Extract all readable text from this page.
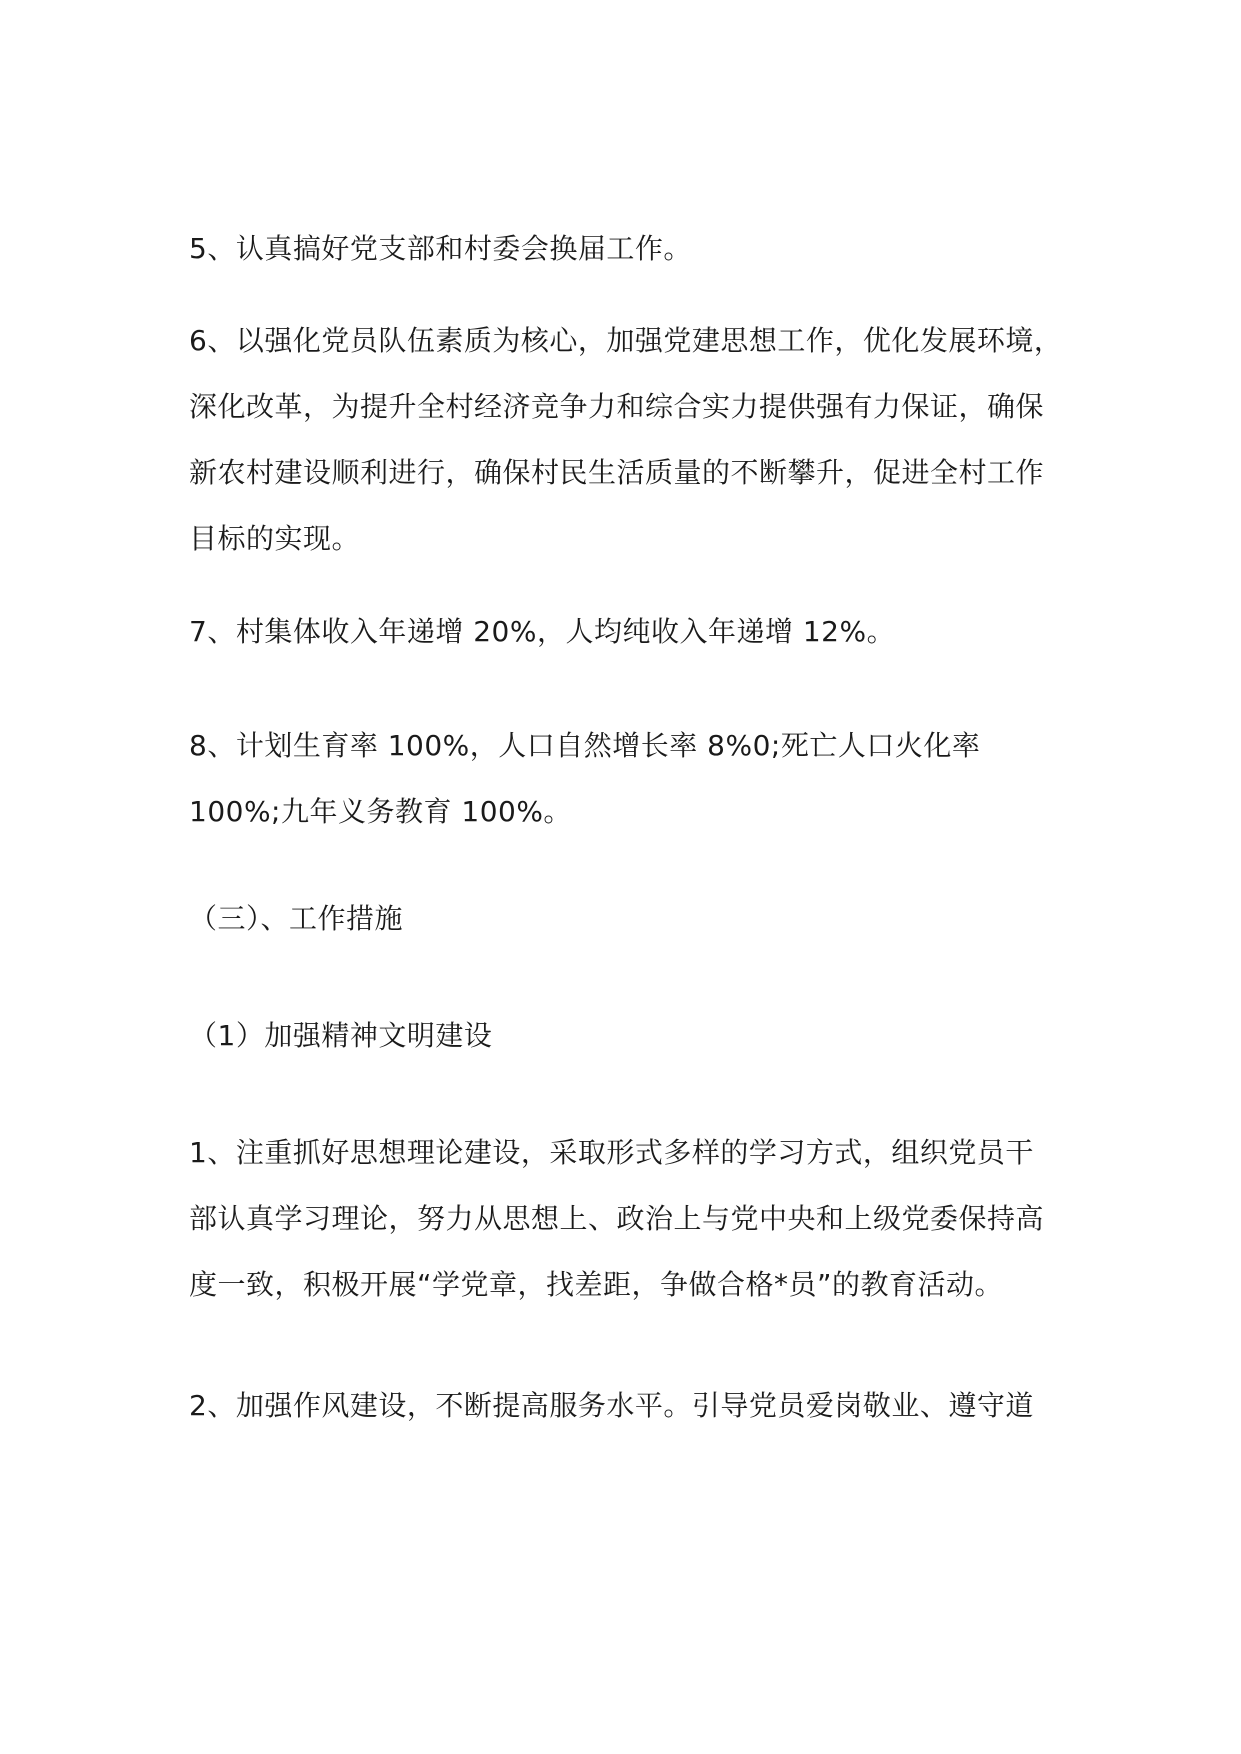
5、认真搞好党支部和村委会换届工作。

6、以强化党员队伍素质为核心，加强党建思想工作，优化发展环境，
深化改革，为提升全村经济竞争力和综合实力提供强有力保证，确保
新农村建设顺利进行，确保村民生活质量的不断攀升，促进全村工作
目标的实现。

7、村集体收入年递增 20%，人均纯收入年递增 12%。

8、计划生育率 100%，人口自然增长率 8%0;死亡人口火化率
100%;九年义务教育 100%。

（三）、工作措施

（1）加强精神文明建设

1、注重抓好思想理论建设，采取形式多样的学习方式，组织党员干
部认真学习理论，努力从思想上、政治上与党中央和上级党委保持高
度一致，积极开展“学党章，找差距，争做合格*员”的教育活动。

2、加强作风建设，不断提高服务水平。引导党员爱岗敬业、遵守道
